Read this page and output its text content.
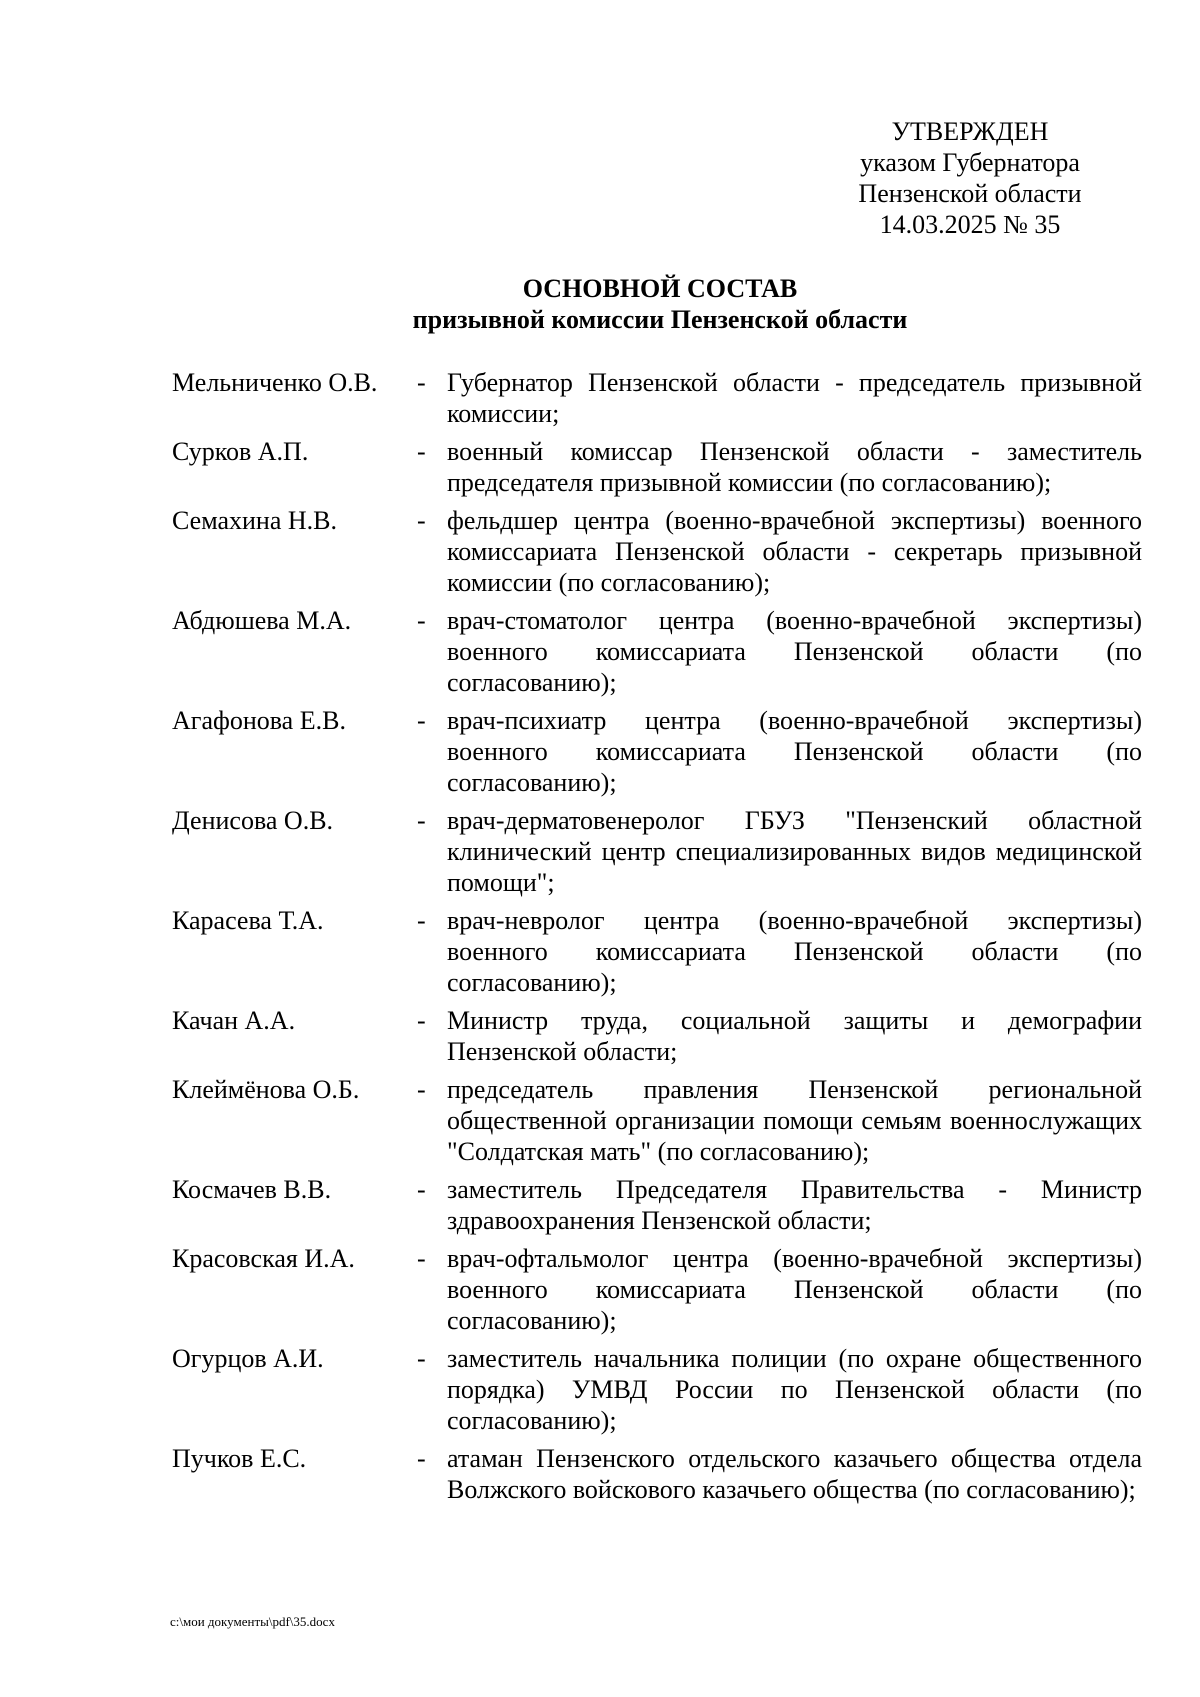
УТВЕРЖДЕН
указом Губернатора
Пензенской области
14.03.2025 № 35
ОСНОВНОЙ СОСТАВ
призывной комиссии Пензенской области
Мельниченко О.В.	- Губернатор Пензенской области - председатель призывной комиссии;
Сурков А.П.	- военный комиссар Пензенской области - заместитель председателя призывной комиссии (по согласованию);
Семахина Н.В.	- фельдшер центра (военно-врачебной экспертизы) военного комиссариата Пензенской области - секретарь призывной комиссии (по согласованию);
Абдюшева М.А.	- врач-стоматолог центра (военно-врачебной экспертизы) военного комиссариата Пензенской области (по согласованию);
Агафонова Е.В.	- врач-психиатр центра (военно-врачебной экспертизы) военного комиссариата Пензенской области (по согласованию);
Денисова О.В.	- врач-дерматовенеролог ГБУЗ "Пензенский областной клинический центр специализированных видов медицинской помощи";
Карасева Т.А.	- врач-невролог центра (военно-врачебной экспертизы) военного комиссариата Пензенской области (по согласованию);
Качан А.А.	- Министр труда, социальной защиты и демографии Пензенской области;
Клеймёнова О.Б.	- председатель правления Пензенской региональной общественной организации помощи семьям военнослужащих "Солдатская мать" (по согласованию);
Космачев В.В.	- заместитель Председателя Правительства - Министр здравоохранения Пензенской области;
Красовская И.А.	- врач-офтальмолог центра (военно-врачебной экспертизы) военного комиссариата Пензенской области (по согласованию);
Огурцов А.И.	- заместитель начальника полиции (по охране общественного порядка) УМВД России по Пензенской области (по согласованию);
Пучков Е.С.	- атаман Пензенского отдельского казачьего общества отдела Волжского войскового казачьего общества (по согласованию);
c:\мои документы\pdf\35.docx
